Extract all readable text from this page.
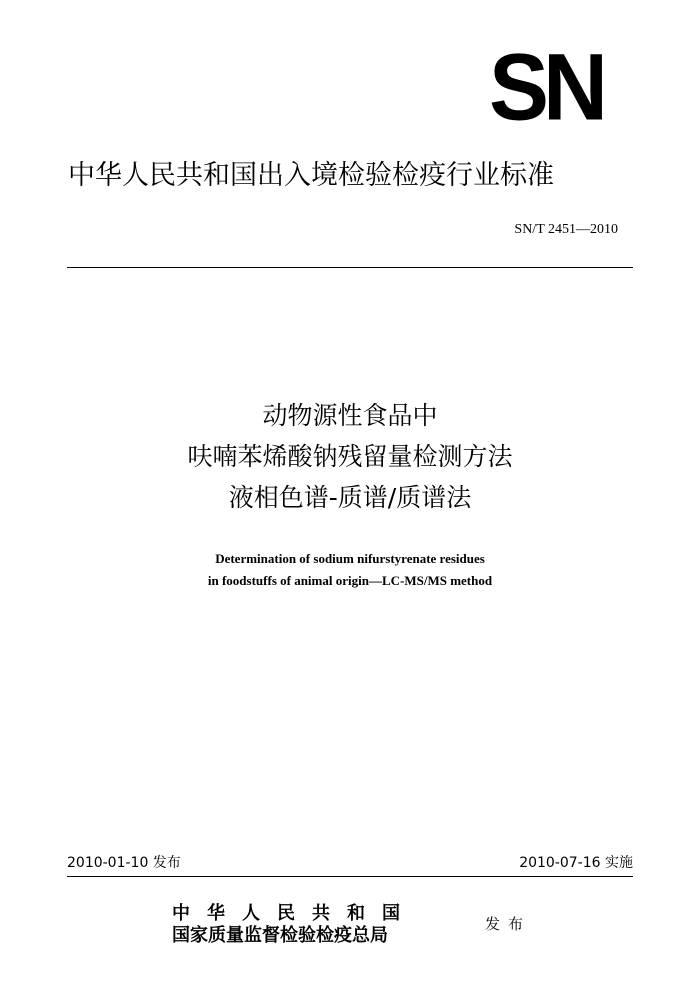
SN
中华人民共和国出入境检验检疫行业标准
SN/T 2451—2010
动物源性食品中
呋喃苯烯酸钠残留量检测方法
液相色谱-质谱/质谱法
Determination of sodium nifurstyrenate residues
in foodstuffs of animal origin—LC-MS/MS method
2010-01-10 发布	2010-07-16 实施
中华人民共和国
国家质量监督检验检疫总局
发布
